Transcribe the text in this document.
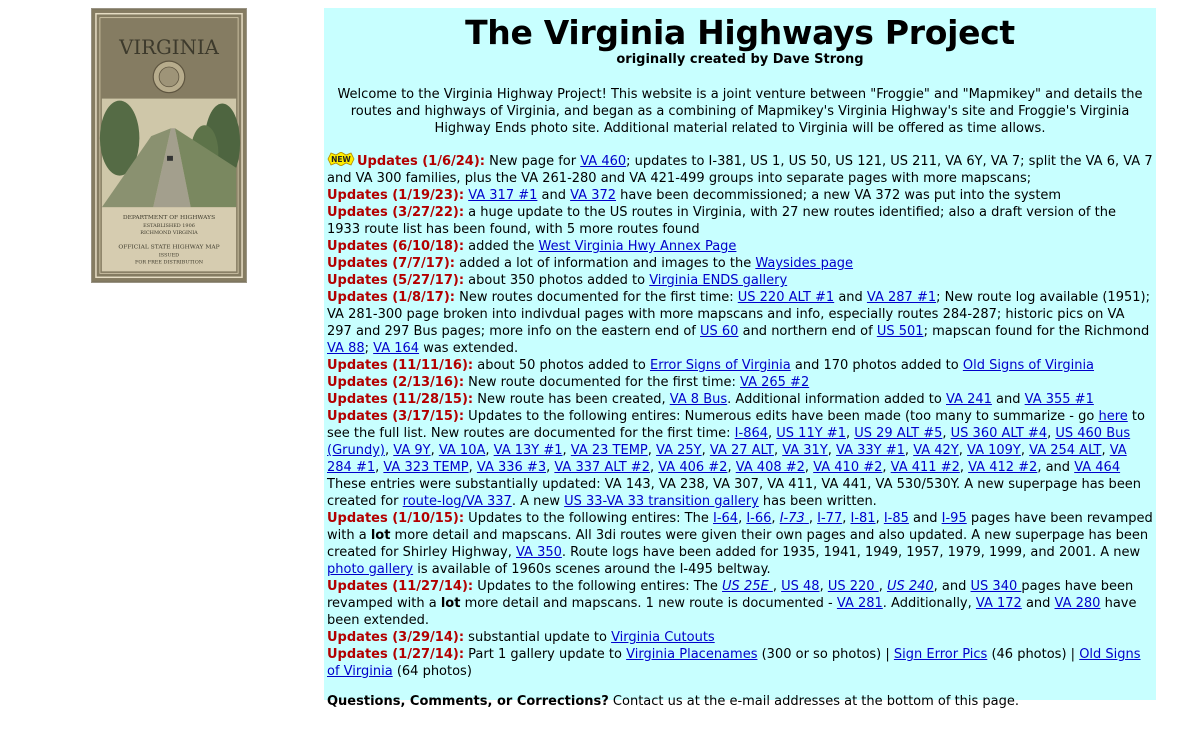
VIRGINIA
DEPARTMENT OF HIGHWAYS
ESTABLISHED 1906
RICHMOND VIRGINIA
OFFICIAL STATE HIGHWAY MAP
ISSUED
FOR FREE DISTRIBUTION
The Virginia Highways Project
originally created by Dave Strong
Welcome to the Virginia Highway Project! This website is a joint venture between "Froggie" and "Mapmikey" and details the routes and highways of Virginia, and began as a combining of Mapmikey's Virginia Highway's site and Froggie's Virginia Highway Ends photo site. Additional material related to Virginia will be offered as time allows.
NEW Updates (1/6/24): New page for VA 460; updates to I-381, US 1, US 50, US 121, US 211, VA 6Y, VA 7; split the VA 6, VA 7 and VA 300 families, plus the VA 261-280 and VA 421-499 groups into separate pages with more mapscans;
Updates (1/19/23): VA 317 #1 and VA 372 have been decommissioned; a new VA 372 was put into the system
Updates (3/27/22): a huge update to the US routes in Virginia, with 27 new routes identified; also a draft version of the 1933 route list has been found, with 5 more routes found
Updates (6/10/18): added the West Virginia Hwy Annex Page
Updates (7/7/17): added a lot of information and images to the Waysides page
Updates (5/27/17): about 350 photos added to Virginia ENDS gallery
Updates (1/8/17): New routes documented for the first time: US 220 ALT #1 and VA 287 #1; New route log available (1951); VA 281-300 page broken into indivdual pages with more mapscans and info, especially routes 284-287; historic pics on VA 297 and 297 Bus pages; more info on the eastern end of US 60 and northern end of US 501; mapscan found for the Richmond VA 88; VA 164 was extended.
Updates (11/11/16): about 50 photos added to Error Signs of Virginia and 170 photos added to Old Signs of Virginia
Updates (2/13/16): New route documented for the first time: VA 265 #2
Updates (11/28/15): New route has been created, VA 8 Bus. Additional information added to VA 241 and VA 355 #1
Updates (3/17/15): Updates to the following entires: Numerous edits have been made (too many to summarize - go here to see the full list. New routes are documented for the first time: I-864, US 11Y #1, US 29 ALT #5, US 360 ALT #4, US 460 Bus (Grundy), VA 9Y, VA 10A, VA 13Y #1, VA 23 TEMP, VA 25Y, VA 27 ALT, VA 31Y, VA 33Y #1, VA 42Y, VA 109Y, VA 254 ALT, VA 284 #1, VA 323 TEMP, VA 336 #3, VA 337 ALT #2, VA 406 #2, VA 408 #2, VA 410 #2, VA 411 #2, VA 412 #2, and VA 464 These entries were substantially updated: VA 143, VA 238, VA 307, VA 411, VA 441, VA 530/530Y. A new superpage has been created for route-log/VA 337. A new US 33-VA 33 transition gallery has been written.
Updates (1/10/15): Updates to the following entires: The I-64, I-66, I-73 , I-77, I-81, I-85 and I-95 pages have been revamped with a lot more detail and mapscans. All 3di routes were given their own pages and also updated. A new superpage has been created for Shirley Highway, VA 350. Route logs have been added for 1935, 1941, 1949, 1957, 1979, 1999, and 2001. A new photo gallery is available of 1960s scenes around the I-495 beltway.
Updates (11/27/14): Updates to the following entires: The US 25E , US 48, US 220 , US 240, and US 340 pages have been revamped with a lot more detail and mapscans. 1 new route is documented - VA 281. Additionally, VA 172 and VA 280 have been extended.
Updates (3/29/14): substantial update to Virginia Cutouts
Updates (1/27/14): Part 1 gallery update to Virginia Placenames (300 or so photos) | Sign Error Pics (46 photos) | Old Signs of Virginia (64 photos)
Questions, Comments, or Corrections? Contact us at the e-mail addresses at the bottom of this page.
